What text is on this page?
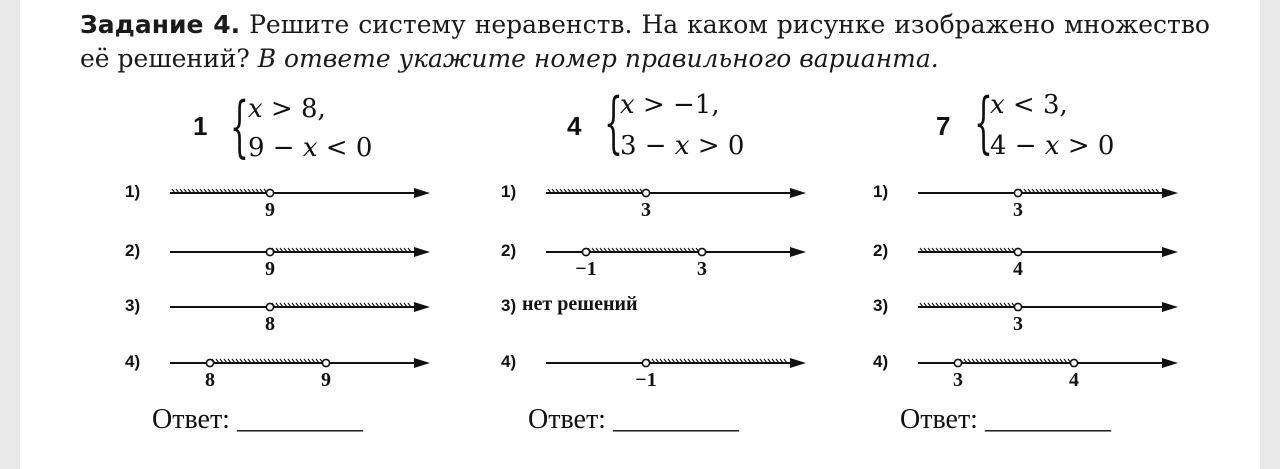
Задание 4. Решите систему неравенств. На каком рисунке изображено множество её решений? В ответе укажите номер правильного варианта.
1 { x > 8,
9 − x < 0
Ответ: _________
1)
9
2)
9
3)
8
4)
8	9
4 {
x > −1,
3 − x > 0
Ответ: _________
1)
3
2)
−1	3
3) нет решений
4)
−1
7 {
x < 3,
4 − x > 0
Ответ: _________
1)
3
2)
4
3)
3
4)
3	4
